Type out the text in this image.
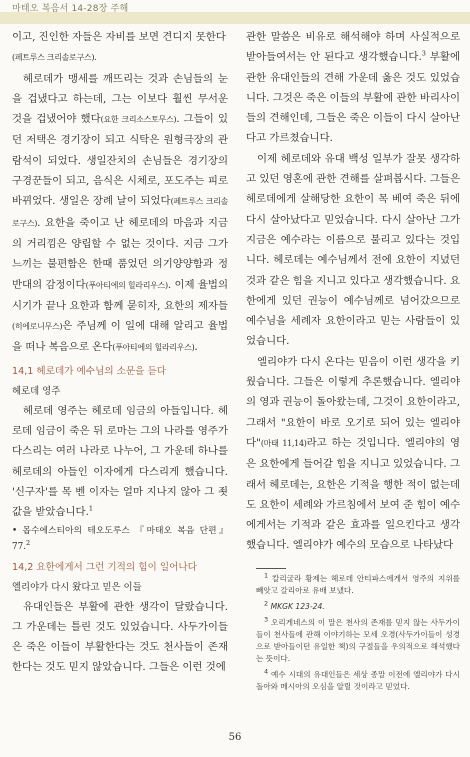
마태오 복음서 14-28장 주해

이고, 진인한 자들은 자비를 보면 견디지 못한다
(페트루스 크리솔로구스).

헤로데가 맹세를 깨뜨리는 것과 손님들의 눈을 겁냈다고 하는데, 그는 이보다 훨씬 무서운 것을 겁냈어야 했다(요한 크리소스토무스). 그들이 있던 저택은 경기장이 되고 식탁은 원형극장의 관람석이 되었다. 생일잔치의 손님들은 경기장의 구경꾼들이 되고, 음식은 시체로, 포도주는 피로 바뀌었다. 생일은 장례 날이 되었다(페트루스 크리솔로구스). 요한을 죽이고 난 헤로데의 마음과 지금의 거리낌은 양립할 수 없는 것이다. 지금 그가 느끼는 불편함은 한때 품었던 의기양양함과 정반대의 감정이다(푸아티에의 힐라리우스). 이제 율법의 시기가 끝나 요한과 함께 묻히자, 요한의 제자들(히에로니무스)은 주님께 이 일에 대해 알리고 율법을 떠나 복음으로 온다(푸아티에의 힐라리우스).

14,1 헤로데가 예수님의 소문을 듣다

헤로데 영주

헤로데 영주는 헤로데 임금의 아들입니다. 헤로데 임금이 죽은 뒤 로마는 그의 나라를 영주가 다스리는 여러 나라로 나누어, 그 가운데 하나를 헤로데의 아들인 이자에게 다스리게 했습니다. '신구자'를 목 벤 이자는 얼마 지나지 않아 그 죗값을 받았습니다.$^1$

• 몹수에스티아의 테오도루스 『마태오 복음 단편』 77.$^2$

14,2 요한에게서 그런 기적의 힘이 일어나다

엘리야가 다시 왔다고 믿은 이들

유대인들은 부활에 관한 생각이 달랐습니다. 그 가운데는 틀린 것도 있었습니다. 사두가이들은 죽은 이들이 부활한다는 것도 천사들이 존재한다는 것도 믿지 않았습니다. 그들은 이런 것에

관한 말씀은 비유로 해석해야 하며 사실적으로 받아들여서는 안 된다고 생각했습니다.$^3$ 부활에 관한 유대인들의 견해 가운데 옳은 것도 있었습니다. 그것은 죽은 이들의 부활에 관한 바리사이들의 견해인데, 그들은 죽은 이들이 다시 살아난다고 가르쳤습니다.

이제 헤로데와 유대 백성 일부가 잘못 생각하고 있던 영혼에 관한 견해를 살펴봅시다. 그들은 헤로데에게 살해당한 요한이 목 베여 죽은 뒤에 다시 살아났다고 믿었습니다. 다시 살아난 그가 지금은 예수라는 이름으로 불리고 있다는 것입니다. 헤로데는 예수님께서 전에 요한이 지녔던 것과 같은 힘을 지니고 있다고 생각했습니다. 요한에게 있던 권능이 예수님께로 넘어갔으므로 예수님을 세례자 요한이라고 믿는 사람들이 있었습니다.

엘리야가 다시 온다는 믿음이 이런 생각을 키웠습니다. 그들은 이렇게 추론했습니다. 엘리야의 영과 권능이 돌아왔는데, 그것이 요한이라고, 그래서 "요한이 바로 오기로 되어 있는 엘리야다"(마태 11,14)라고 하는 것입니다. 엘리야의 영은 요한에게 들어갈 힘을 지니고 있었습니다. 그래서 헤로데는, 요한은 기적을 행한 적이 없는데도 요한이 세례와 가르침에서 보여 준 힘이 예수에게서는 기적과 같은 효과를 일으킨다고 생각했습니다. 엘리야가 예수의 모습으로 나타났다

$^1$ 칼리굴라 황제는 헤로데 안티파스에게서 영주의 지위를 빼앗고 갈리아로 유배 보냈다.

$^2$ MKGK 123-24.

$^3$ 오리게네스의 이 말은 천사의 존재를 믿지 않는 사두가이들이 천사들에 관해 이야기하는 모세 오경(사두가이들이 성경으로 받아들이던 유일한 책)의 구절들을 우의적으로 해석했다는 뜻이다.

$^4$ 예수 시대의 유대인들은 세상 종말 이전에 엘리야가 다시 돌아와 메시아의 오심을 알릴 것이라고 믿었다.

56
